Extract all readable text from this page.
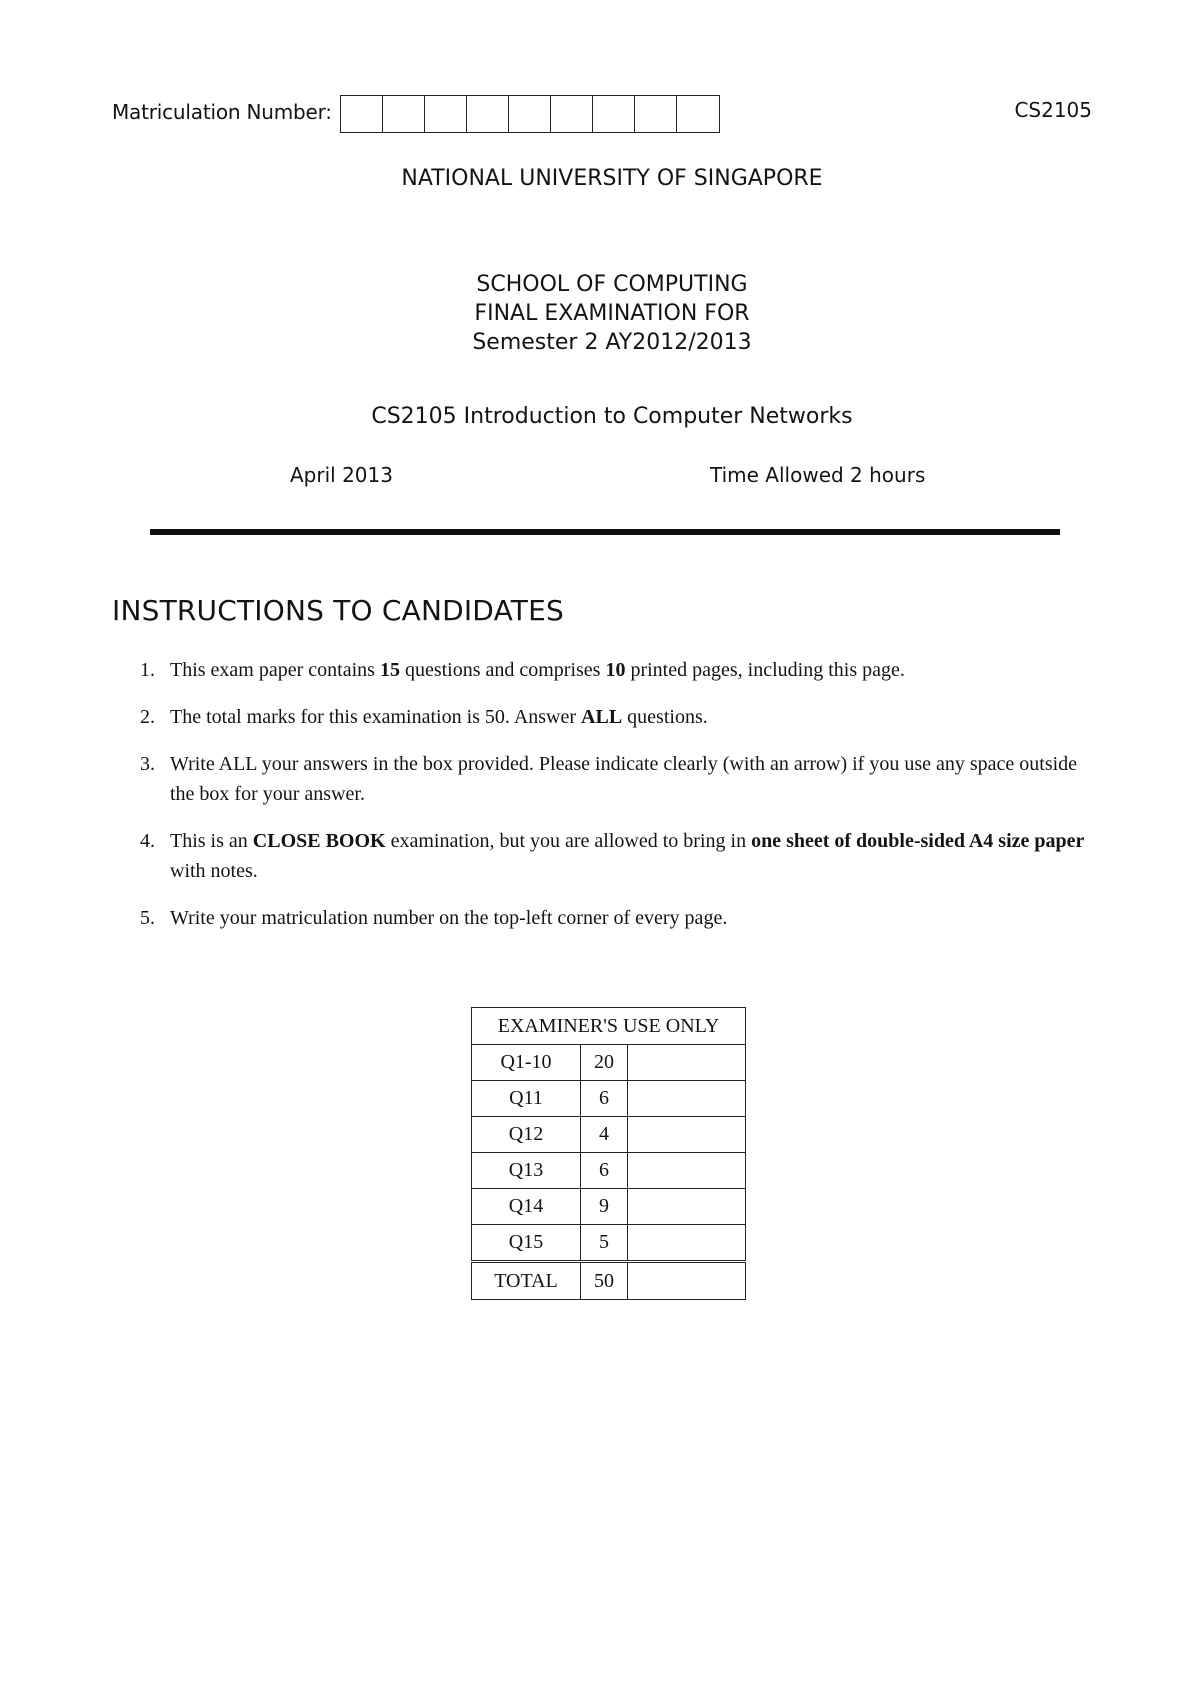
Matriculation Number:	CS2105
NATIONAL UNIVERSITY OF SINGAPORE
SCHOOL OF COMPUTING
FINAL EXAMINATION FOR
Semester 2 AY2012/2013
CS2105 Introduction to Computer Networks
April 2013	Time Allowed 2 hours
INSTRUCTIONS TO CANDIDATES
1. This exam paper contains 15 questions and comprises 10 printed pages, including this page.
2. The total marks for this examination is 50. Answer ALL questions.
3. Write ALL your answers in the box provided. Please indicate clearly (with an arrow) if you use any space outside the box for your answer.
4. This is an CLOSE BOOK examination, but you are allowed to bring in one sheet of double-sided A4 size paper with notes.
5. Write your matriculation number on the top-left corner of every page.
EXAMINER'S USE ONLY		
Q1-10	20	
Q11	6	
Q12	4	
Q13	6	
Q14	9	
Q15	5	
TOTAL	50	
